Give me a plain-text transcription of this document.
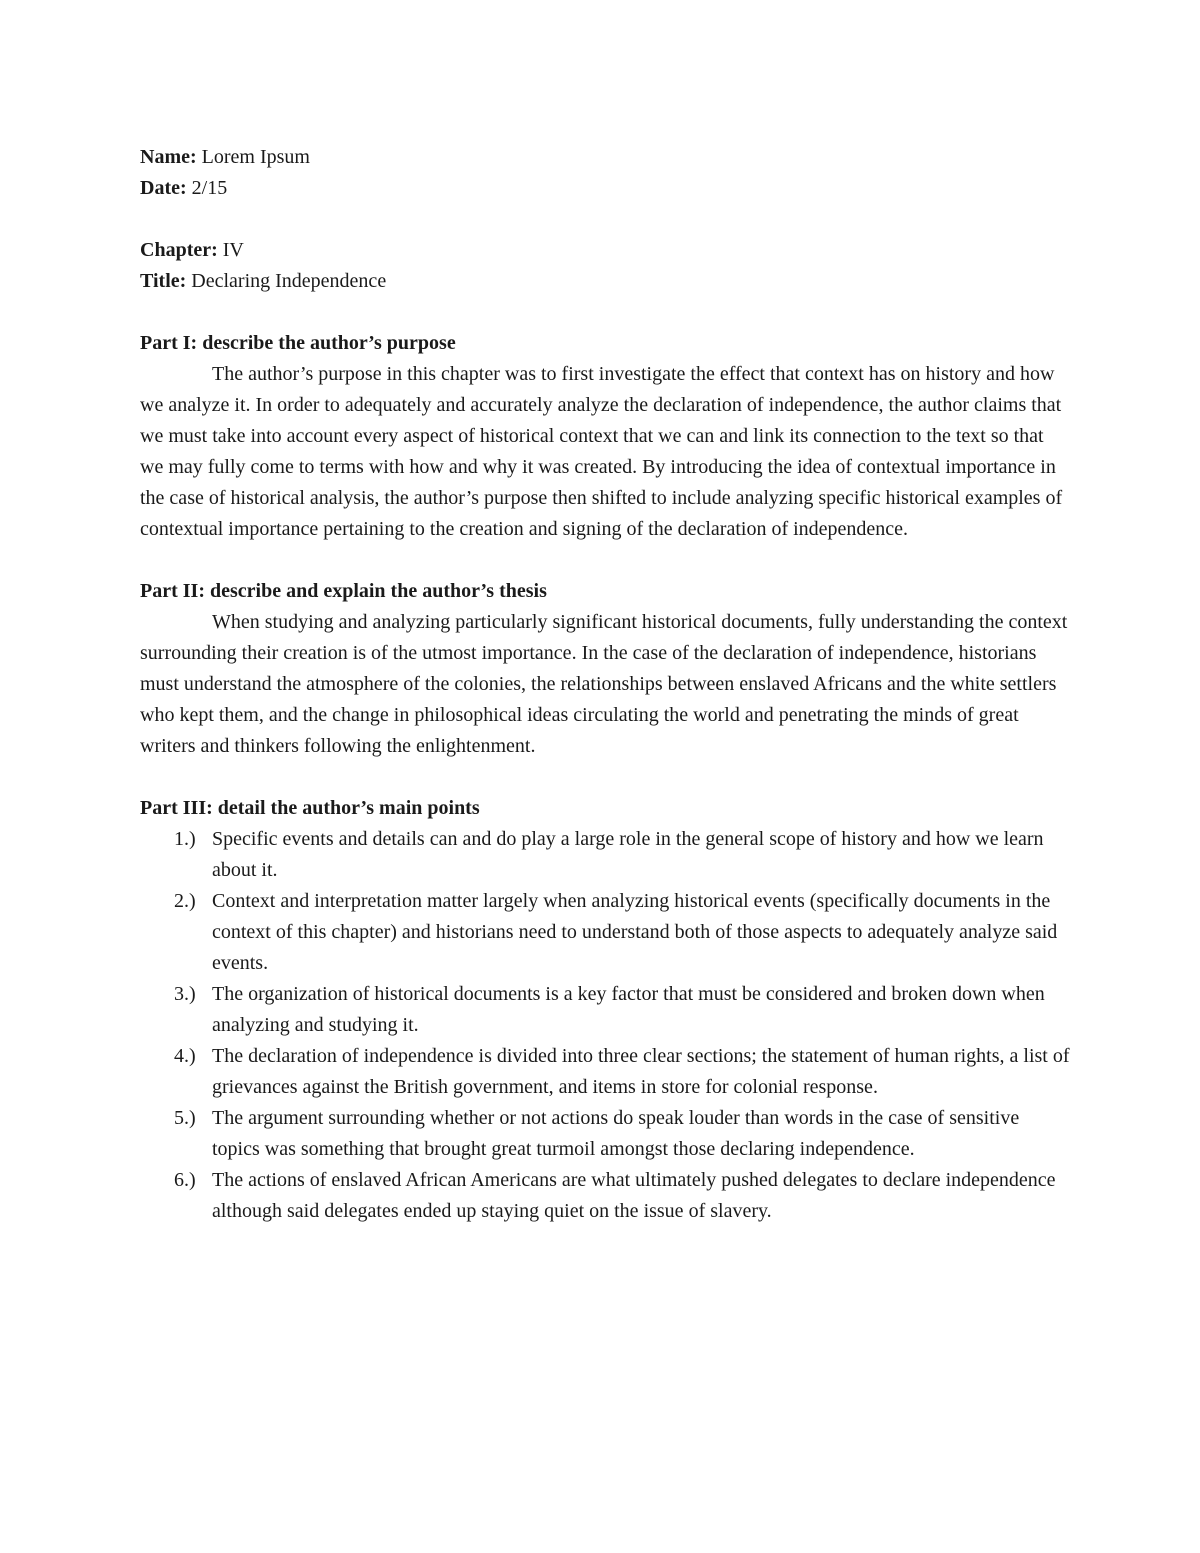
Name: Lorem Ipsum

Date: 2/15

Chapter: IV

Title: Declaring Independence

Part I: describe the author’s purpose

The author’s purpose in this chapter was to first investigate the effect that context has on history and how we analyze it. In order to adequately and accurately analyze the declaration of independence, the author claims that we must take into account every aspect of historical context that we can and link its connection to the text so that we may fully come to terms with how and why it was created. By introducing the idea of contextual importance in the case of historical analysis, the author’s purpose then shifted to include analyzing specific historical examples of contextual importance pertaining to the creation and signing of the declaration of independence.

Part II: describe and explain the author’s thesis

When studying and analyzing particularly significant historical documents, fully understanding the context surrounding their creation is of the utmost importance. In the case of the declaration of independence, historians must understand the atmosphere of the colonies, the relationships between enslaved Africans and the white settlers who kept them, and the change in philosophical ideas circulating the world and penetrating the minds of great writers and thinkers following the enlightenment.

Part III: detail the author’s main points

1.) Specific events and details can and do play a large role in the general scope of history and how we learn about it.
2.) Context and interpretation matter largely when analyzing historical events (specifically documents in the context of this chapter) and historians need to understand both of those aspects to adequately analyze said events.
3.) The organization of historical documents is a key factor that must be considered and broken down when analyzing and studying it.
4.) The declaration of independence is divided into three clear sections; the statement of human rights, a list of grievances against the British government, and items in store for colonial response.
5.) The argument surrounding whether or not actions do speak louder than words in the case of sensitive topics was something that brought great turmoil amongst those declaring independence.
6.) The actions of enslaved African Americans are what ultimately pushed delegates to declare independence although said delegates ended up staying quiet on the issue of slavery.
